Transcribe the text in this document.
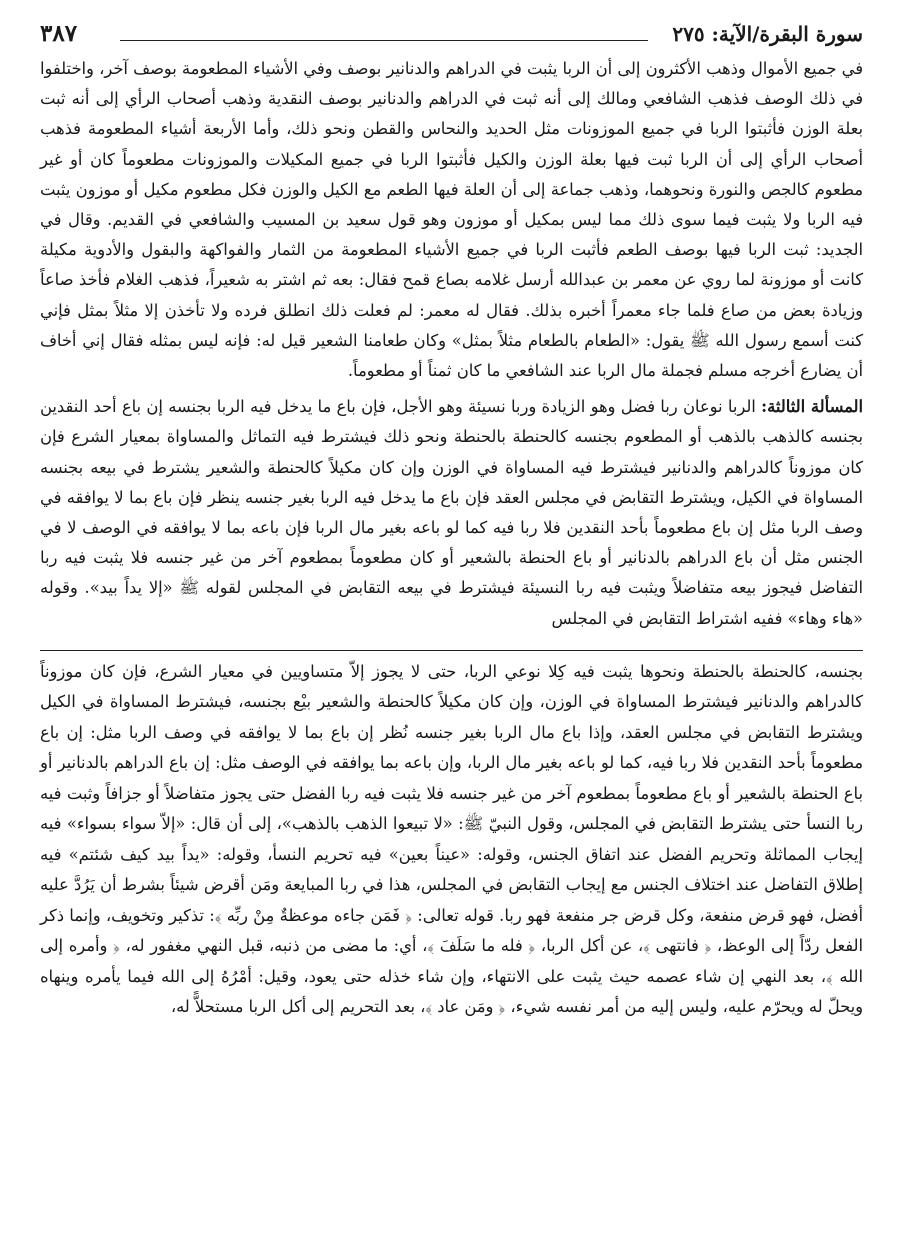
سورة البقرة/الآية: ٢٧٥
٣٨٧

في جميع الأموال وذهب الأكثرون إلى أن الربا يثبت في الدراهم والدنانير بوصف وفي الأشياء المطعومة بوصف آخر، واختلفوا في ذلك الوصف فذهب الشافعي ومالك إلى أنه ثبت في الدراهم والدنانير بوصف النقدية وذهب أصحاب الرأي إلى أنه ثبت بعلة الوزن فأثبتوا الربا في جميع الموزونات مثل الحديد والنحاس والقطن ونحو ذلك، وأما الأربعة أشياء المطعومة فذهب أصحاب الرأي إلى أن الربا ثبت فيها بعلة الوزن والكيل فأثبتوا الربا في جميع المكيلات والموزونات مطعوماً كان أو غير مطعوم كالجص والنورة ونحوهما، وذهب جماعة إلى أن العلة فيها الطعم مع الكيل والوزن فكل مطعوم مكيل أو موزون يثبت فيه الربا ولا يثبت فيما سوى ذلك مما ليس بمكيل أو موزون وهو قول سعيد بن المسيب والشافعي في القديم. وقال في الجديد: ثبت الربا فيها بوصف الطعم فأثبت الربا في جميع الأشياء المطعومة من الثمار والفواكهة والبقول والأدوية مكيلة كانت أو موزونة لما روي عن معمر بن عبدالله أرسل غلامه بصاع قمح فقال: بعه ثم اشتر به شعيراً، فذهب الغلام فأخذ صاعاً وزيادة بعض من صاع فلما جاء معمراً أخبره بذلك. فقال له معمر: لم فعلت ذلك انطلق فرده ولا تأخذن إلا مثلاً بمثل فإني كنت أسمع رسول الله ﷺ يقول: «الطعام بالطعام مثلاً بمثل» وكان طعامنا الشعير قيل له: فإنه ليس بمثله فقال إني أخاف أن يضارع أخرجه مسلم فجملة مال الربا عند الشافعي ما كان ثمناً أو مطعوماً.

المسألة الثالثة: الربا نوعان ربا فضل وهو الزيادة وربا نسيئة وهو الأجل، فإن باع ما يدخل فيه الربا بجنسه إن باع أحد النقدين بجنسه كالذهب بالذهب أو المطعوم بجنسه كالحنطة بالحنطة ونحو ذلك فيشترط فيه التماثل والمساواة بمعيار الشرع فإن كان موزوناً كالدراهم والدنانير فيشترط فيه المساواة في الوزن وإن كان مكيلاً كالحنطة والشعير يشترط في بيعه بجنسه المساواة في الكيل، ويشترط التقابض في مجلس العقد فإن باع ما يدخل فيه الربا بغير جنسه ينظر فإن باع بما لا يوافقه في وصف الربا مثل إن باع مطعوماً بأحد النقدين فلا ربا فيه كما لو باعه بغير مال الربا فإن باعه بما لا يوافقه في الوصف لا في الجنس مثل أن باع الدراهم بالدنانير أو باع الحنطة بالشعير أو كان مطعوماً بمطعوم آخر من غير جنسه فلا يثبت فيه ربا التفاضل فيجوز بيعه متفاضلاً ويثبت فيه ربا النسيئة فيشترط في بيعه التقابض في المجلس لقوله ﷺ «إلا يداً بيد». وقوله «هاء وهاء» ففيه اشتراط التقابض في المجلس

بجنسه، كالحنطة بالحنطة ونحوها يثبت فيه كِلا نوعي الربا، حتى لا يجوز إلاّ متساويين في معيار الشرع، فإن كان موزوناً كالدراهم والدنانير فيشترط المساواة في الوزن، وإن كان مكيلاً كالحنطة والشعير بيْع بجنسه، فيشترط المساواة في الكيل ويشترط التقابض في مجلس العقد، وإذا باع مال الربا بغير جنسه نُظر إن باع بما لا يوافقه في وصف الربا مثل: إن باع مطعوماً بأحد النقدين فلا ربا فيه، كما لو باعه بغير مال الربا، وإن باعه بما يوافقه في الوصف مثل: إن باع الدراهم بالدنانير أو باع الحنطة بالشعير أو باع مطعوماً بمطعوم آخر من غير جنسه فلا يثبت فيه ربا الفضل حتى يجوز متفاضلاً أو جزافاً وثبت فيه ربا النسأ حتى يشترط التقابض في المجلس، وقول النبيّ ﷺ: «لا تبيعوا الذهب بالذهب»، إلى أن قال: «إلاّ سواء بسواء» فيه إيجاب المماثلة وتحريم الفضل عند اتفاق الجنس، وقوله: «عيناً بعين» فيه تحريم النسأ، وقوله: «يداً بيد كيف شئتم» فيه إطلاق التفاضل عند اختلاف الجنس مع إيجاب التقابض في المجلس، هذا في ربا المبايعة ومَن أقرض شيئاً بشرط أن يَرُدَّ عليه أفضل، فهو قرض منفعة، وكل قرض جر منفعة فهو ربا. قوله تعالى: ﴿ فَمَن جاءه موعظةٌ مِنْ ربِّه ﴾: تذكير وتخويف، وإنما ذكر الفعل ردّاً إلى الوعظ، ﴿ فانتهى ﴾، عن أكل الربا، ﴿ فله ما سَلَفَ ﴾، أي: ما مضى من ذنبه، قبل النهي مغفور له، ﴿ وأمره إلى الله ﴾، بعد النهي إن شاء عصمه حيث يثبت على الانتهاء، وإن شاء خذله حتى يعود، وقيل: أمْرُهُ إلى الله فيما يأمره وينهاه ويحلّ له ويحرّم عليه، وليس إليه من أمر نفسه شيء، ﴿ ومَن عاد ﴾، بعد التحريم إلى أكل الربا مستحلاًّ له،
